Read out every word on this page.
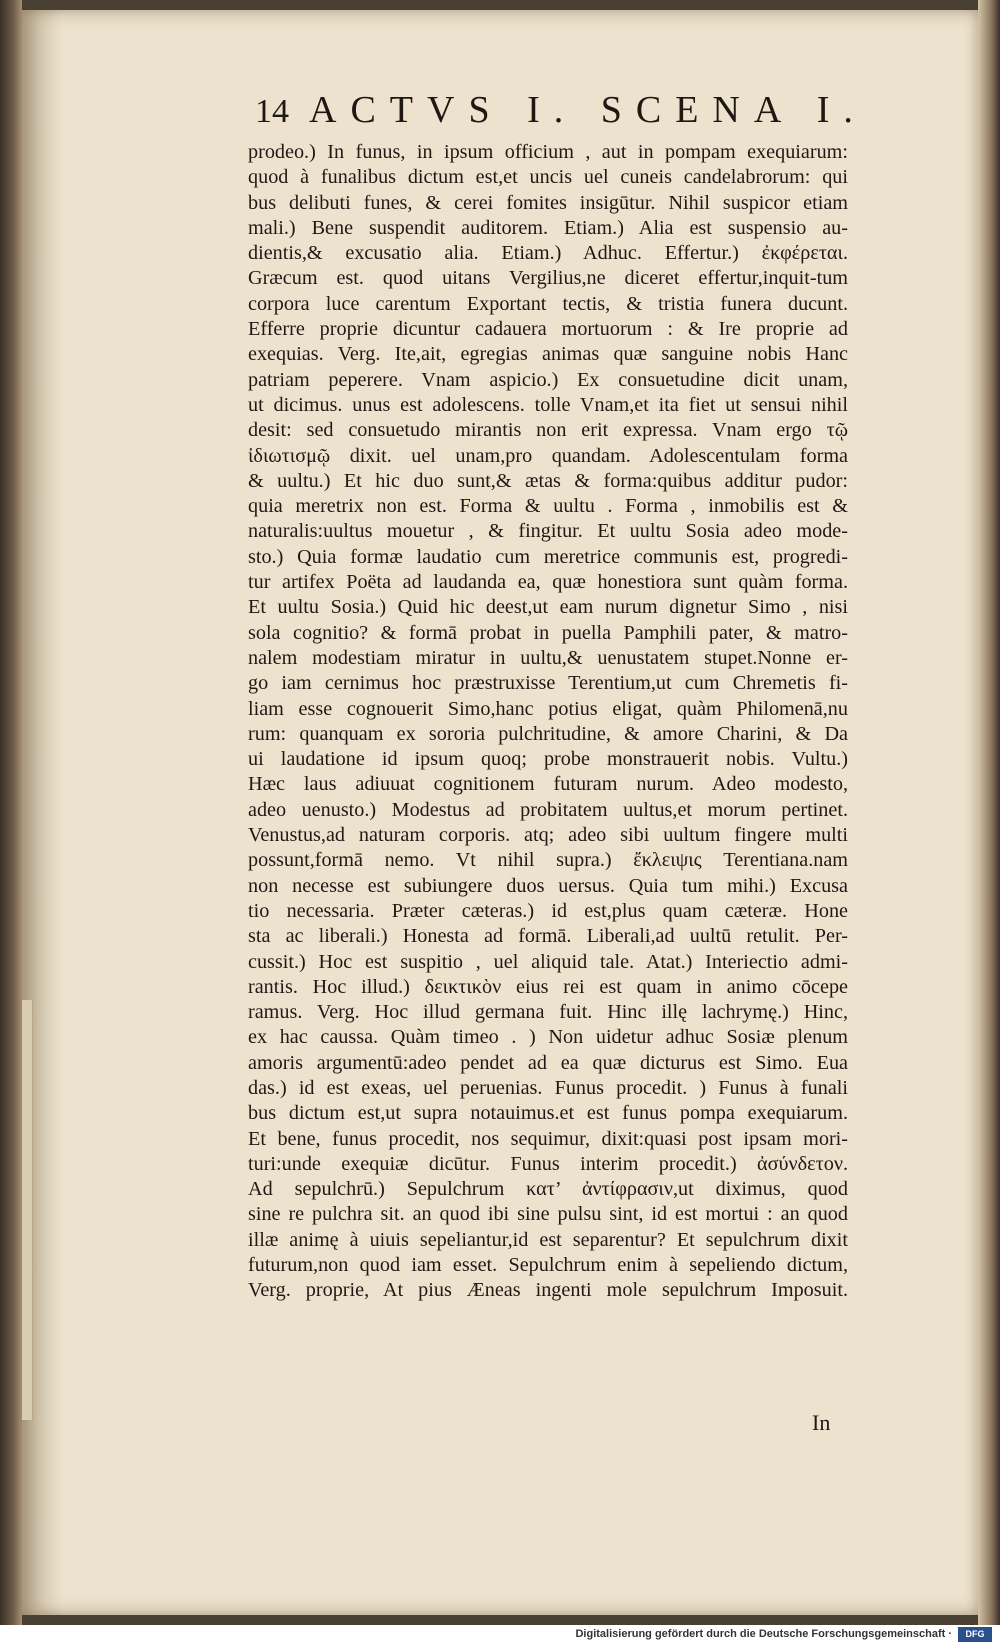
14 ACTVS I. SCENA I.
prodeo.) In funus, in ipsum officium , aut in pompam exequiarum:
quod à funalibus dictum est,et uncis uel cuneis candelabrorum: qui
bus delibuti funes, & cerei fomites insigūtur. Nihil suspicor etiam
mali.) Bene suspendit auditorem. Etiam.) Alia est suspensio au-
dientis,& excusatio alia. Etiam.) Adhuc. Effertur.) ἐκφέρεται.
Græcum est. quod uitans Vergilius,ne diceret effertur,inquit-tum
corpora luce carentum Exportant tectis, & tristia funera ducunt.
Efferre proprie dicuntur cadauera mortuorum : & Ire proprie ad
exequias. Verg. Ite,ait, egregias animas quæ sanguine nobis Hanc
patriam peperere. Vnam aspicio.) Ex consuetudine dicit unam,
ut dicimus. unus est adolescens. tolle Vnam,et ita fiet ut sensui nihil
desit: sed consuetudo mirantis non erit expressa. Vnam ergo τῷ
ἰδιωτισμῷ dixit. uel unam,pro quandam. Adolescentulam forma
& uultu.) Et hic duo sunt,& ætas & forma:quibus additur pudor:
quia meretrix non est. Forma & uultu . Forma , inmobilis est &
naturalis:uultus mouetur , & fingitur. Et uultu Sosia adeo mode-
sto.) Quia formæ laudatio cum meretrice communis est, progredi-
tur artifex Poëta ad laudanda ea, quæ honestiora sunt quàm forma.
Et uultu Sosia.) Quid hic deest,ut eam nurum dignetur Simo , nisi
sola cognitio? & formā probat in puella Pamphili pater, & matro-
nalem modestiam miratur in uultu,& uenustatem stupet.Nonne er-
go iam cernimus hoc præstruxisse Terentium,ut cum Chremetis fi-
liam esse cognouerit Simo,hanc potius eligat, quàm Philomenā,nu
rum: quanquam ex sororia pulchritudine, & amore Charini, & Da
ui laudatione id ipsum quoq; probe monstrauerit nobis. Vultu.)
Hæc laus adiuuat cognitionem futuram nurum. Adeo modesto,
adeo uenusto.) Modestus ad probitatem uultus,et morum pertinet.
Venustus,ad naturam corporis. atq; adeo sibi uultum fingere multi
possunt,formā nemo. Vt nihil supra.) ἔκλειψις Terentiana.nam
non necesse est subiungere duos uersus. Quia tum mihi.) Excusa
tio necessaria. Præter cæteras.) id est,plus quam cæteræ. Hone
sta ac liberali.) Honesta ad formā. Liberali,ad uultū retulit. Per-
cussit.) Hoc est suspitio , uel aliquid tale. Atat.) Interiectio admi-
rantis. Hoc illud.) δεικτικὸν eius rei est quam in animo cōcepe
ramus. Verg. Hoc illud germana fuit. Hinc illę lachrymę.) Hinc,
ex hac caussa. Quàm timeo . ) Non uidetur adhuc Sosiæ plenum
amoris argumentū:adeo pendet ad ea quæ dicturus est Simo. Eua
das.) id est exeas, uel peruenias. Funus procedit. ) Funus à funali
bus dictum est,ut supra notauimus.et est funus pompa exequiarum.
Et bene, funus procedit, nos sequimur, dixit:quasi post ipsam mori-
turi:unde exequiæ dicūtur. Funus interim procedit.) ἀσύνδετον.
Ad sepulchrū.) Sepulchrum κατ’ ἀντίφρασιν,ut diximus, quod
sine re pulchra sit. an quod ibi sine pulsu sint, id est mortui : an quod
illæ animę à uiuis sepeliantur,id est separentur? Et sepulchrum dixit
futurum,non quod iam esset. Sepulchrum enim à sepeliendo dictum,
Verg. proprie, At pius Æneas ingenti mole sepulchrum Imposuit.
In
Digitalisierung gefördert durch die Deutsche Forschungsgemeinschaft ·	DFG
